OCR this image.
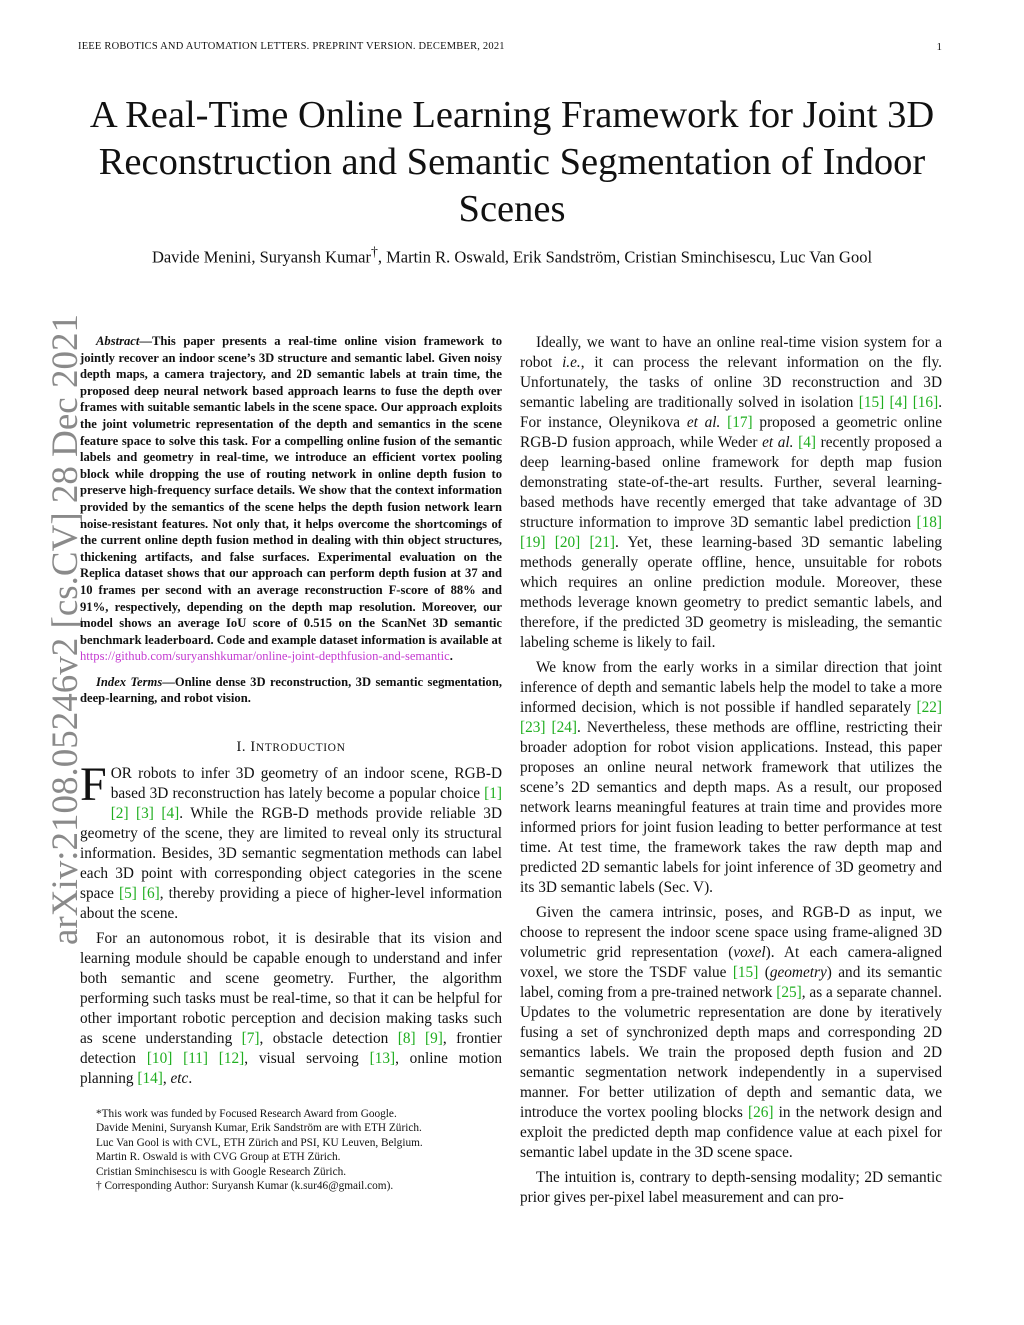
IEEE ROBOTICS AND AUTOMATION LETTERS. PREPRINT VERSION. DECEMBER, 2021	1
arXiv:2108.05246v2 [cs.CV] 28 Dec 2021
A Real-Time Online Learning Framework for Joint 3D Reconstruction and Semantic Segmentation of Indoor Scenes
Davide Menini, Suryansh Kumar†, Martin R. Oswald, Erik Sandström, Cristian Sminchisescu, Luc Van Gool

Abstract—This paper presents a real-time online vision framework to jointly recover an indoor scene’s 3D structure and semantic label. Given noisy depth maps, a camera trajectory, and 2D semantic labels at train time, the proposed deep neural network based approach learns to fuse the depth over frames with suitable semantic labels in the scene space. Our approach exploits the joint volumetric representation of the depth and semantics in the scene feature space to solve this task. For a compelling online fusion of the semantic labels and geometry in real-time, we introduce an efficient vortex pooling block while dropping the use of routing network in online depth fusion to preserve high-frequency surface details. We show that the context information provided by the semantics of the scene helps the depth fusion network learn noise-resistant features. Not only that, it helps overcome the shortcomings of the current online depth fusion method in dealing with thin object structures, thickening artifacts, and false surfaces. Experimental evaluation on the Replica dataset shows that our approach can perform depth fusion at 37 and 10 frames per second with an average reconstruction F-score of 88% and 91%, respectively, depending on the depth map resolution. Moreover, our model shows an average IoU score of 0.515 on the ScanNet 3D semantic benchmark leaderboard. Code and example dataset information is available at https://github.com/suryanshkumar/online-joint-depthfusion-and-semantic.

Index Terms—Online dense 3D reconstruction, 3D semantic segmentation, deep-learning, and robot vision.

I. INTRODUCTION

FOR robots to infer 3D geometry of an indoor scene, RGB-D based 3D reconstruction has lately become a popular choice [1] [2] [3] [4]. While the RGB-D methods provide reliable 3D geometry of the scene, they are limited to reveal only its structural information. Besides, 3D semantic segmentation methods can label each 3D point with corresponding object categories in the scene space [5] [6], thereby providing a piece of higher-level information about the scene.

For an autonomous robot, it is desirable that its vision and learning module should be capable enough to understand and infer both semantic and scene geometry. Further, the algorithm performing such tasks must be real-time, so that it can be helpful for other important robotic perception and decision making tasks such as scene understanding [7], obstacle detection [8] [9], frontier detection [10] [11] [12], visual servoing [13], online motion planning [14], etc.

*This work was funded by Focused Research Award from Google.
Davide Menini, Suryansh Kumar, Erik Sandström are with ETH Zürich.
Luc Van Gool is with CVL, ETH Zürich and PSI, KU Leuven, Belgium.
Martin R. Oswald is with CVG Group at ETH Zürich.
Cristian Sminchisescu is with Google Research Zürich.
† Corresponding Author: Suryansh Kumar (k.sur46@gmail.com).

Ideally, we want to have an online real-time vision system for a robot i.e., it can process the relevant information on the fly. Unfortunately, the tasks of online 3D reconstruction and 3D semantic labeling are traditionally solved in isolation [15] [4] [16]. For instance, Oleynikova et al. [17] proposed a geometric online RGB-D fusion approach, while Weder et al. [4] recently proposed a deep learning-based online framework for depth map fusion demonstrating state-of-the-art results. Further, several learning-based methods have recently emerged that take advantage of 3D structure information to improve 3D semantic label prediction [18] [19] [20] [21]. Yet, these learning-based 3D semantic labeling methods generally operate offline, hence, unsuitable for robots which requires an online prediction module. Moreover, these methods leverage known geometry to predict semantic labels, and therefore, if the predicted 3D geometry is misleading, the semantic labeling scheme is likely to fail.

We know from the early works in a similar direction that joint inference of depth and semantic labels help the model to take a more informed decision, which is not possible if handled separately [22] [23] [24]. Nevertheless, these methods are offline, restricting their broader adoption for robot vision applications. Instead, this paper proposes an online neural network framework that utilizes the scene’s 2D semantics and depth maps. As a result, our proposed network learns meaningful features at train time and provides more informed priors for joint fusion leading to better performance at test time. At test time, the framework takes the raw depth map and predicted 2D semantic labels for joint inference of 3D geometry and its 3D semantic labels (Sec. V).

Given the camera intrinsic, poses, and RGB-D as input, we choose to represent the indoor scene space using frame-aligned 3D volumetric grid representation (voxel). At each camera-aligned voxel, we store the TSDF value [15] (geometry) and its semantic label, coming from a pre-trained network [25], as a separate channel. Updates to the volumetric representation are done by iteratively fusing a set of synchronized depth maps and corresponding 2D semantics labels. We train the proposed depth fusion and 2D semantic segmentation network independently in a supervised manner. For better utilization of depth and semantic data, we introduce the vortex pooling blocks [26] in the network design and exploit the predicted depth map confidence value at each pixel for semantic label update in the 3D scene space.

The intuition is, contrary to depth-sensing modality; 2D semantic prior gives per-pixel label measurement and can pro-
